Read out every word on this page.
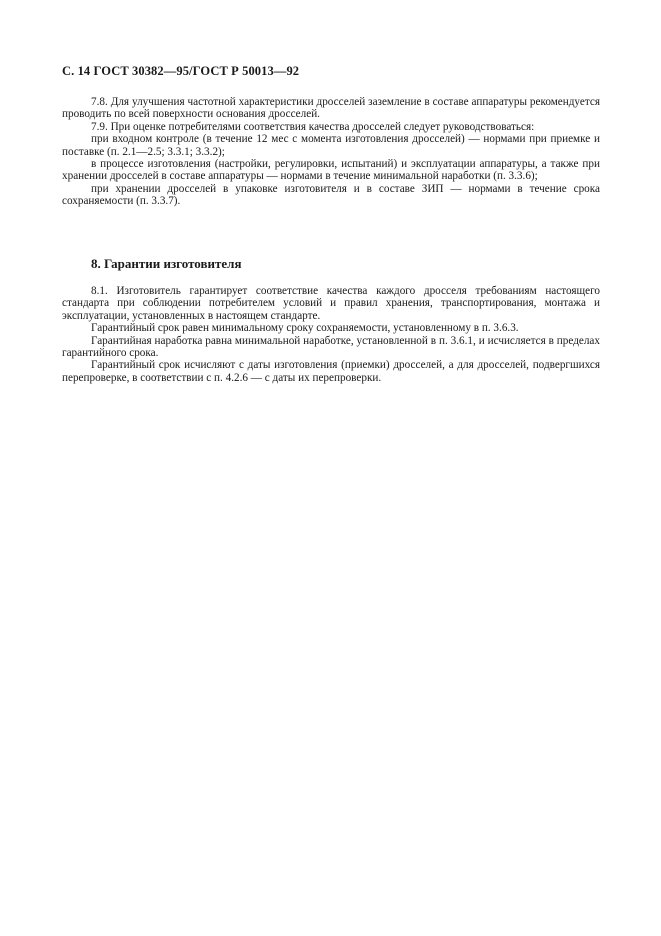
С. 14 ГОСТ 30382—95/ГОСТ Р 50013—92

7.8. Для улучшения частотной характеристики дросселей заземление в составе аппаратуры рекомендуется проводить по всей поверхности основания дросселей.

7.9. При оценке потребителями соответствия качества дросселей следует руководствоваться:

при входном контроле (в течение 12 мес с момента изготовления дросселей) — нормами при приемке и поставке (п. 2.1—2.5; 3.3.1; 3.3.2);

в процессе изготовления (настройки, регулировки, испытаний) и эксплуатации аппаратуры, а также при хранении дросселей в составе аппаратуры — нормами в течение минимальной наработки (п. 3.3.6);

при хранении дросселей в упаковке изготовителя и в составе ЗИП — нормами в течение срока сохраняемости (п. 3.3.7).

8. Гарантии изготовителя

8.1. Изготовитель гарантирует соответствие качества каждого дросселя требованиям настоящего стандарта при соблюдении потребителем условий и правил хранения, транспортирования, монтажа и эксплуатации, установленных в настоящем стандарте.

Гарантийный срок равен минимальному сроку сохраняемости, установленному в п. 3.6.3.

Гарантийная наработка равна минимальной наработке, установленной в п. 3.6.1, и исчисляется в пределах гарантийного срока.

Гарантийный срок исчисляют с даты изготовления (приемки) дросселей, а для дросселей, подвергшихся перепроверке, в соответствии с п. 4.2.6 — с даты их перепроверки.
